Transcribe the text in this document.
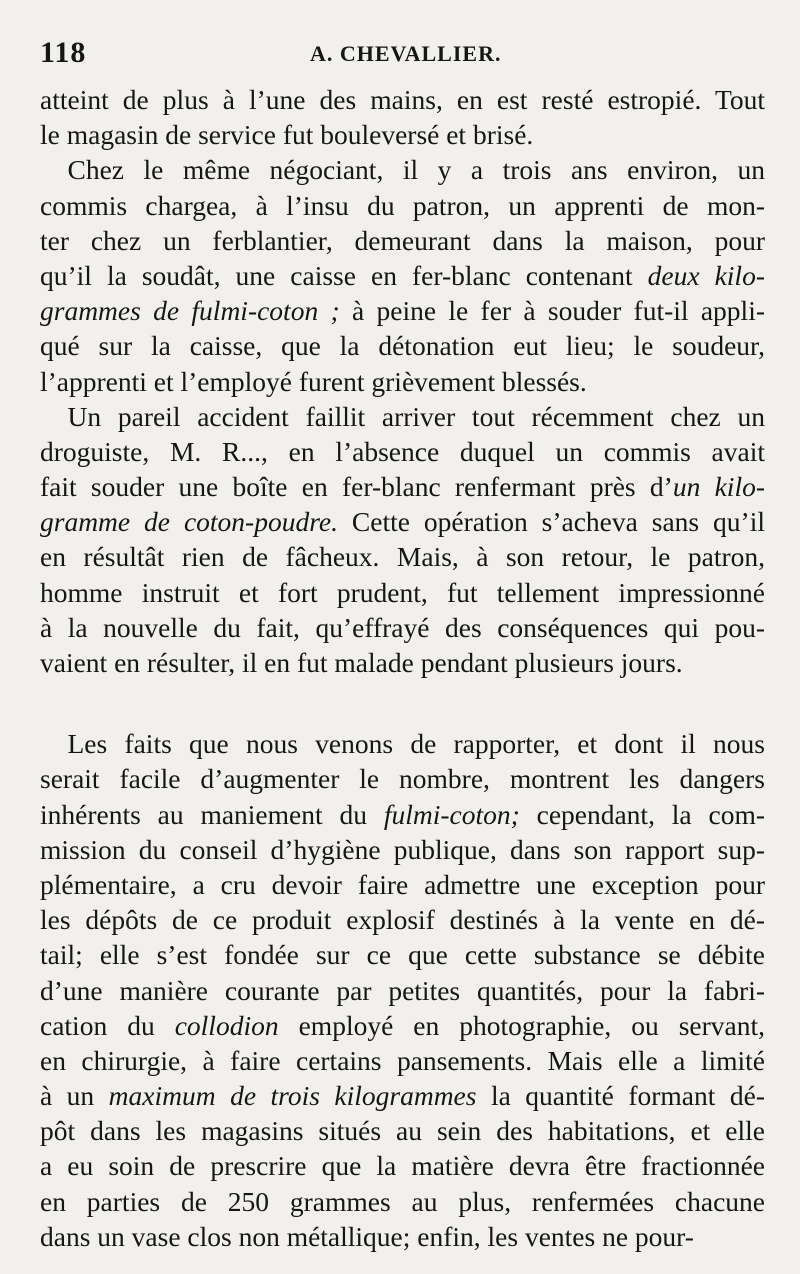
118	A. CHEVALLIER.
atteint de plus à l’une des mains, en est resté estropié. Tout
le magasin de service fut bouleversé et brisé.
 Chez le même négociant, il y a trois ans environ, un
commis chargea, à l’insu du patron, un apprenti de mon-
ter chez un ferblantier, demeurant dans la maison, pour
qu’il la soudât, une caisse en fer-blanc contenant deux kilo-
grammes de fulmi-coton ; à peine le fer à souder fut-il appli-
qué sur la caisse, que la détonation eut lieu; le soudeur,
l’apprenti et l’employé furent grièvement blessés.
 Un pareil accident faillit arriver tout récemment chez un
droguiste, M. R..., en l’absence duquel un commis avait
fait souder une boîte en fer-blanc renfermant près d’un kilo-
gramme de coton-poudre. Cette opération s’acheva sans qu’il
en résultât rien de fâcheux. Mais, à son retour, le patron,
homme instruit et fort prudent, fut tellement impressionné
à la nouvelle du fait, qu’effrayé des conséquences qui pou-
vaient en résulter, il en fut malade pendant plusieurs jours.
 Les faits que nous venons de rapporter, et dont il nous
serait facile d’augmenter le nombre, montrent les dangers
inhérents au maniement du fulmi-coton; cependant, la com-
mission du conseil d’hygiène publique, dans son rapport sup-
plémentaire, a cru devoir faire admettre une exception pour
les dépôts de ce produit explosif destinés à la vente en dé-
tail; elle s’est fondée sur ce que cette substance se débite
d’une manière courante par petites quantités, pour la fabri-
cation du collodion employé en photographie, ou servant,
en chirurgie, à faire certains pansements. Mais elle a limité
à un maximum de trois kilogrammes la quantité formant dé-
pôt dans les magasins situés au sein des habitations, et elle
a eu soin de prescrire que la matière devra être fractionnée
en parties de 250 grammes au plus, renfermées chacune
dans un vase clos non métallique; enfin, les ventes ne pour-
